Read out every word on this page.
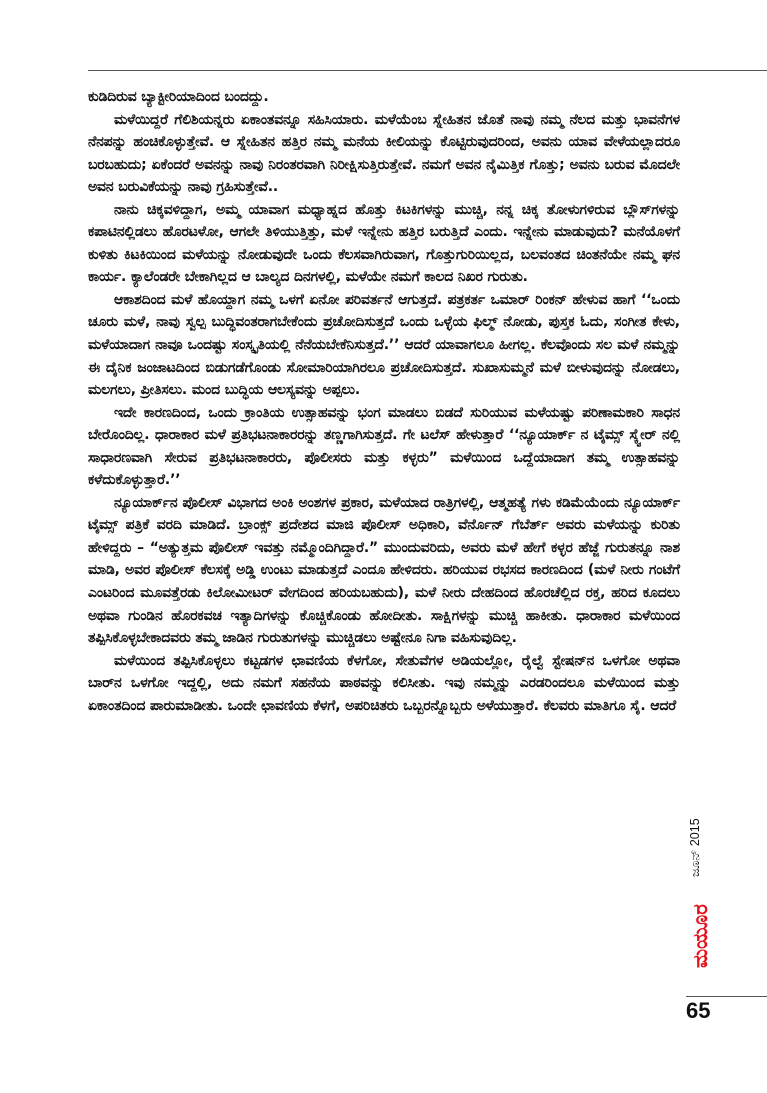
ಕುಡಿದಿರುವ ಬ್ಯಾಕ್ಟೀರಿಯಾದಿಂದ ಬಂದದ್ದು.

ಮಳೆಯಿದ್ದರೆ ಗೆಲಿಶಿಯನ್ನರು ಏಕಾಂತವನ್ನೂ ಸಹಿಸಿಯಾರು. ಮಳೆಯೆಂಬ ಸ್ನೇಹಿತನ ಜೊತೆ ನಾವು ನಮ್ಮ ನೆಲದ ಮತ್ತು ಭಾವನೆಗಳ ನೆನಪನ್ನು ಹಂಚಿಕೊಳ್ಳುತ್ತೇವೆ. ಆ ಸ್ನೇಹಿತನ ಹತ್ತಿರ ನಮ್ಮ ಮನೆಯ ಕೀಲಿಯನ್ನು ಕೊಟ್ಟಿರುವುದರಿಂದ, ಅವನು ಯಾವ ವೇಳೆಯಲ್ಲಾದರೂ ಬರಬಹುದು; ಏಕೆಂದರೆ ಅವನನ್ನು ನಾವು ನಿರಂತರವಾಗಿ ನಿರೀಕ್ಷಿಸುತ್ತಿರುತ್ತೇವೆ. ನಮಗೆ ಅವನ ನೈಮಿತ್ತಿಕ ಗೊತ್ತು; ಅವನು ಬರುವ ಮೊದಲೇ ಅವನ ಬರುವಿಕೆಯನ್ನು ನಾವು ಗ್ರಹಿಸುತ್ತೇವೆ..

ನಾನು ಚಿಕ್ಕವಳಿದ್ದಾಗ, ಅಮ್ಮ ಯಾವಾಗ ಮಧ್ಯಾಹ್ನದ ಹೊತ್ತು ಕಿಟಕಿಗಳನ್ನು ಮುಚ್ಚಿ, ನನ್ನ ಚಿಕ್ಕ ತೋಳುಗಳಿರುವ ಬ್ಲೌಸ್‌ಗಳನ್ನು ಕಪಾಟಿನಲ್ಲಿಡಲು ಹೊರಟಳೋ, ಆಗಲೇ ತಿಳಿಯುತ್ತಿತ್ತು, ಮಳೆ ಇನ್ನೇನು ಹತ್ತಿರ ಬರುತ್ತಿದೆ ಎಂದು. ಇನ್ನೇನು ಮಾಡುವುದು? ಮನೆಯೊಳಗೆ ಕುಳಿತು ಕಿಟಕಿಯಿಂದ ಮಳೆಯನ್ನು ನೋಡುವುದೇ ಒಂದು ಕೆಲಸವಾಗಿರುವಾಗ, ಗೊತ್ತುಗುರಿಯಿಲ್ಲದ, ಬಲವಂತದ ಚಿಂತನೆಯೇ ನಮ್ಮ ಘನ ಕಾರ್ಯ. ಕ್ಯಾಲೆಂಡರೇ ಬೇಕಾಗಿಲ್ಲದ ಆ ಬಾಲ್ಯದ ದಿನಗಳಲ್ಲಿ, ಮಳೆಯೇ ನಮಗೆ ಕಾಲದ ನಿಖರ ಗುರುತು.

ಆಕಾಶದಿಂದ ಮಳೆ ಹೊಯ್ದಾಗ ನಮ್ಮ ಒಳಗೆ ಏನೋ ಪರಿವರ್ತನೆ ಆಗುತ್ತದೆ. ಪತ್ರಕರ್ತ ಒಮಾರ್ ರಿಂಕನ್ ಹೇಳುವ ಹಾಗೆ ‘‘ಒಂದು ಚೂರು ಮಳೆ, ನಾವು ಸ್ವಲ್ಪ ಬುದ್ಧಿವಂತರಾಗಬೇಕೆಂದು ಪ್ರಚೋದಿಸುತ್ತದೆ ಒಂದು ಒಳ್ಳೆಯ ಫಿಲ್ಮ್ ನೋಡು, ಪುಸ್ತಕ ಓದು, ಸಂಗೀತ ಕೇಳು, ಮಳೆಯಾದಾಗ ನಾವೂ ಒಂದಷ್ಟು ಸಂಸ್ಕೃತಿಯಲ್ಲಿ ನೆನೆಯಬೇಕೆನಿಸುತ್ತದೆ.’’ ಆದರೆ ಯಾವಾಗಲೂ ಹೀಗಲ್ಲ. ಕೆಲವೊಂದು ಸಲ ಮಳೆ ನಮ್ಮನ್ನು ಈ ದೈನಿಕ ಜಂಜಾಟದಿಂದ ಬಿಡುಗಡೆಗೊಂಡು ಸೋಮಾರಿಯಾಗಿರಲೂ ಪ್ರಚೋದಿಸುತ್ತದೆ. ಸುಖಾಸುಮ್ಮನೆ ಮಳೆ ಬೀಳುವುದನ್ನು ನೋಡಲು, ಮಲಗಲು, ಪ್ರೀತಿಸಲು. ಮಂದ ಬುದ್ಧಿಯ ಆಲಸ್ಯವನ್ನು ಅಪ್ಪಲು.

ಇದೇ ಕಾರಣದಿಂದ, ಒಂದು ಕ್ರಾಂತಿಯ ಉತ್ಸಾಹವನ್ನು ಭಂಗ ಮಾಡಲು ಬಿಡದೆ ಸುರಿಯುವ ಮಳೆಯಷ್ಟು ಪರಿಣಾಮಕಾರಿ ಸಾಧನ ಬೇರೊಂದಿಲ್ಲ. ಧಾರಾಕಾರ ಮಳೆ ಪ್ರತಿಭಟನಾಕಾರರನ್ನು ತಣ್ಣಗಾಗಿಸುತ್ತದೆ. ಗೇ ಟಲೆಸ್ ಹೇಳುತ್ತಾರೆ ‘‘ನ್ಯೂಯಾರ್ಕ್ ನ ಟೈಮ್ಸ್ ಸ್ಕ್ವೇರ್ ನಲ್ಲಿ ಸಾಧಾರಣವಾಗಿ ಸೇರುವ ಪ್ರತಿಭಟನಾಕಾರರು, ಪೊಲೀಸರು ಮತ್ತು ಕಳ್ಳರು” ಮಳೆಯಿಂದ ಒದ್ದೆಯಾದಾಗ ತಮ್ಮ ಉತ್ಸಾಹವನ್ನು ಕಳೆದುಕೊಳ್ಳುತ್ತಾರೆ.’’

ನ್ಯೂಯಾರ್ಕ್‌ನ ಪೊಲೀಸ್ ವಿಭಾಗದ ಅಂಕಿ ಅಂಶಗಳ ಪ್ರಕಾರ, ಮಳೆಯಾದ ರಾತ್ರಿಗಳಲ್ಲಿ, ಆತ್ಮಹತ್ಯೆ ಗಳು ಕಡಿಮೆಯೆಂದು ನ್ಯೂಯಾರ್ಕ್ ಟೈಮ್ಸ್ ಪತ್ರಿಕೆ ವರದಿ ಮಾಡಿದೆ. ಬ್ರಾಂಕ್ಸ್ ಪ್ರದೇಶದ ಮಾಜಿ ಪೊಲೀಸ್ ಅಧಿಕಾರಿ, ವೆರ್ನೊನ್ ಗೆಬೆರ್ತ್ ಅವರು ಮಳೆಯನ್ನು ಕುರಿತು ಹೇಳಿದ್ದರು – “ಅತ್ಯುತ್ತಮ ಪೊಲೀಸ್ ಇವತ್ತು ನಮ್ಮೊಂದಿಗಿದ್ದಾರೆ.” ಮುಂದುವರಿದು, ಅವರು ಮಳೆ ಹೇಗೆ ಕಳ್ಳರ ಹೆಜ್ಜೆ ಗುರುತನ್ನೂ ನಾಶ ಮಾಡಿ, ಅವರ ಪೊಲೀಸ್ ಕೆಲಸಕ್ಕೆ ಅಡ್ಡಿ ಉಂಟು ಮಾಡುತ್ತದೆ ಎಂದೂ ಹೇಳಿದರು. ಹರಿಯುವ ರಭಸದ ಕಾರಣದಿಂದ (ಮಳೆ ನೀರು ಗಂಟೆಗೆ ಎಂಟರಿಂದ ಮೂವತ್ತೆರಡು ಕಿಲೋಮೀಟರ್ ವೇಗದಿಂದ ಹರಿಯಬಹುದು), ಮಳೆ ನೀರು ದೇಹದಿಂದ ಹೊರಚೆಲ್ಲಿದ ರಕ್ತ, ಹರಿದ ಕೂದಲು ಅಥವಾ ಗುಂಡಿನ ಹೊರಕವಚ ಇತ್ಯಾದಿಗಳನ್ನು ಕೊಚ್ಚಿಕೊಂಡು ಹೋದೀತು. ಸಾಕ್ಷಿಗಳನ್ನು ಮುಚ್ಚಿ ಹಾಕೀತು. ಧಾರಾಕಾರ ಮಳೆಯಿಂದ ತಪ್ಪಿಸಿಕೊಳ್ಳಬೇಕಾದವರು ತಮ್ಮ ಜಾಡಿನ ಗುರುತುಗಳನ್ನು ಮುಚ್ಚಿಡಲು ಅಷ್ಟೇನೂ ನಿಗಾ ವಹಿಸುವುದಿಲ್ಲ.

ಮಳೆಯಿಂದ ತಪ್ಪಿಸಿಕೊಳ್ಳಲು ಕಟ್ಟಡಗಳ ಛಾವಣಿಯ ಕೆಳಗೋ, ಸೇತುವೆಗಳ ಅಡಿಯಲ್ಲೋ, ರೈಲ್ವೆ ಸ್ಟೇಷನ್‌ನ ಒಳಗೋ ಅಥವಾ ಬಾರ್‌ನ ಒಳಗೋ ಇದ್ದಲ್ಲಿ, ಅದು ನಮಗೆ ಸಹನೆಯ ಪಾಠವನ್ನು ಕಲಿಸೀತು. ಇವು ನಮ್ಮನ್ನು ಎರಡರಿಂದಲೂ ಮಳೆಯಿಂದ ಮತ್ತು ಏಕಾಂತದಿಂದ ಪಾರುಮಾಡೀತು. ಒಂದೇ ಛಾವಣಿಯ ಕೆಳಗೆ, ಅಪರಿಚಿತರು ಒಬ್ಬರನ್ನೊಬ್ಬರು ಅಳೆಯುತ್ತಾರೆ. ಕೆಲವರು ಮಾತಿಗೂ ಸೈ. ಆದರೆ

ಜೂನ್ 2015
ಮಯೂರ
65
